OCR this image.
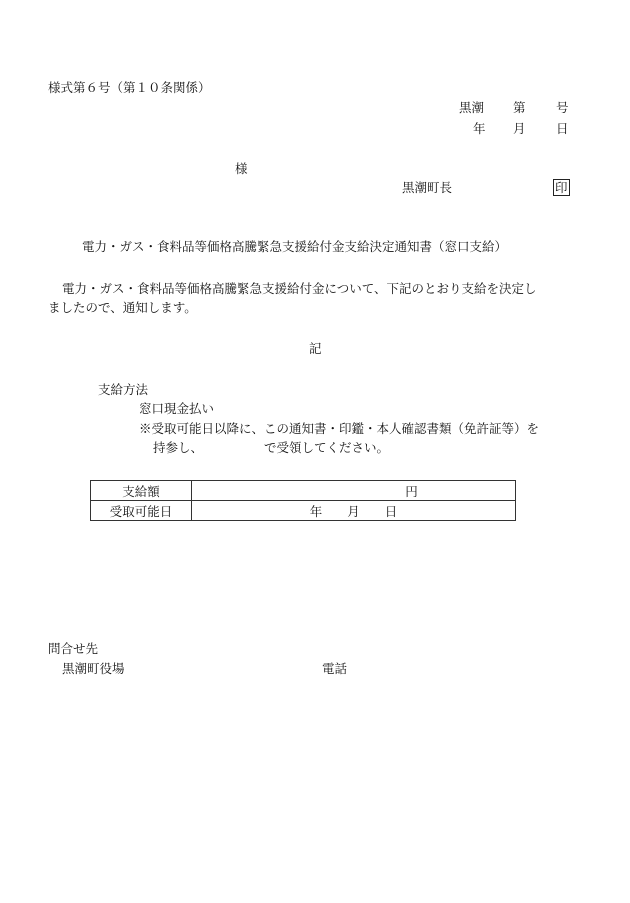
様式第６号（第１０条関係）
黒潮 第 号
年 月 日
様
黒潮町長	印
電力・ガス・食料品等価格高騰緊急支援給付金支給決定通知書（窓口支給）
電力・ガス・食料品等価格高騰緊急支援給付金について、下記のとおり支給を決定し
ましたので、通知します。
記
支給方法
窓口現金払い
※受取可能日以降に、この通知書・印鑑・本人確認書類（免許証等）を
持参し、	で受領してください。
支給額	円
受取可能日	年　　月　　日
問合せ先
黒潮町役場	電話
